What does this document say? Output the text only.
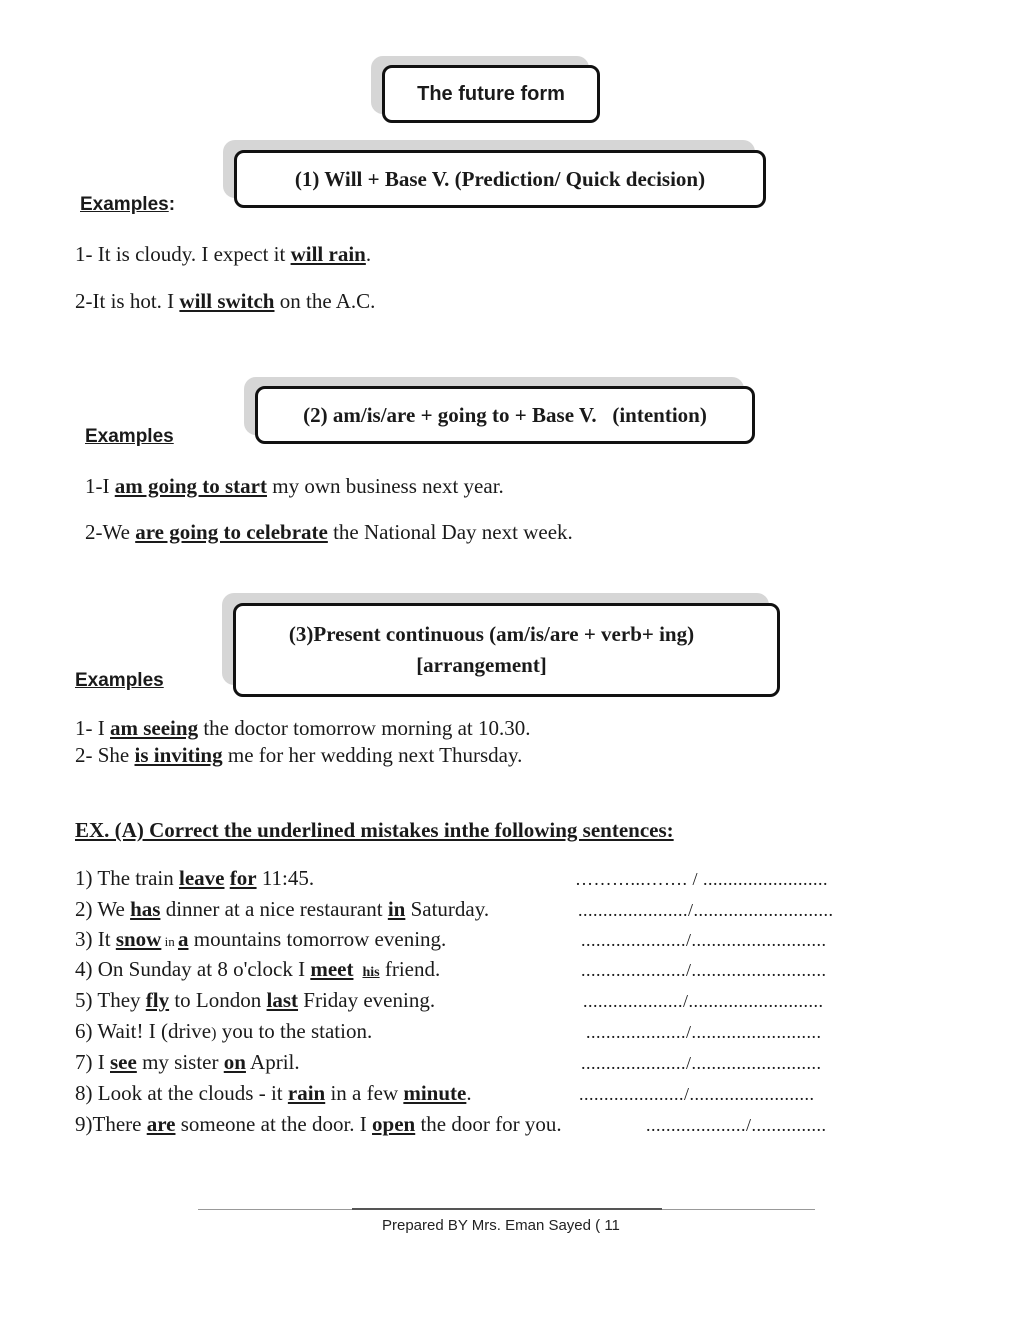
The future form
(1) Will + Base V. (Prediction/ Quick decision)
Examples:
1- It is cloudy. I expect it will rain.
2-It is hot. I will switch on the A.C.
(2) am/is/are + going to + Base V.   (intention)
Examples
1-I am going to start my own business next year.
2-We are going to celebrate the National Day next week.
(3)Present continuous (am/is/are + verb+ ing)
[arrangement]
Examples
1- I am seeing the doctor tomorrow morning at 10.30.
2- She is inviting me for her wedding next Thursday.
EX. (A) Correct the underlined mistakes inthe following sentences:
1) The train leave for 11:45.	………...……. / .........................
2) We has dinner at a nice restaurant in Saturday.	....................../............................
3) It snow in a mountains tomorrow evening.	...................../...........................
4) On Sunday at 8 o'clock I meet his friend.	...................../...........................
5) They fly to London last Friday evening.	..................../...........................
6) Wait! I (drive) you to the station.	..................../..........................
7) I see my sister on April.	...................../..........................
8) Look at the clouds - it rain in a few minute.	...................../.........................
9)There are someone at the door. I open the door for you.	..................../...............
Prepared BY Mrs. Eman Sayed ( 11
